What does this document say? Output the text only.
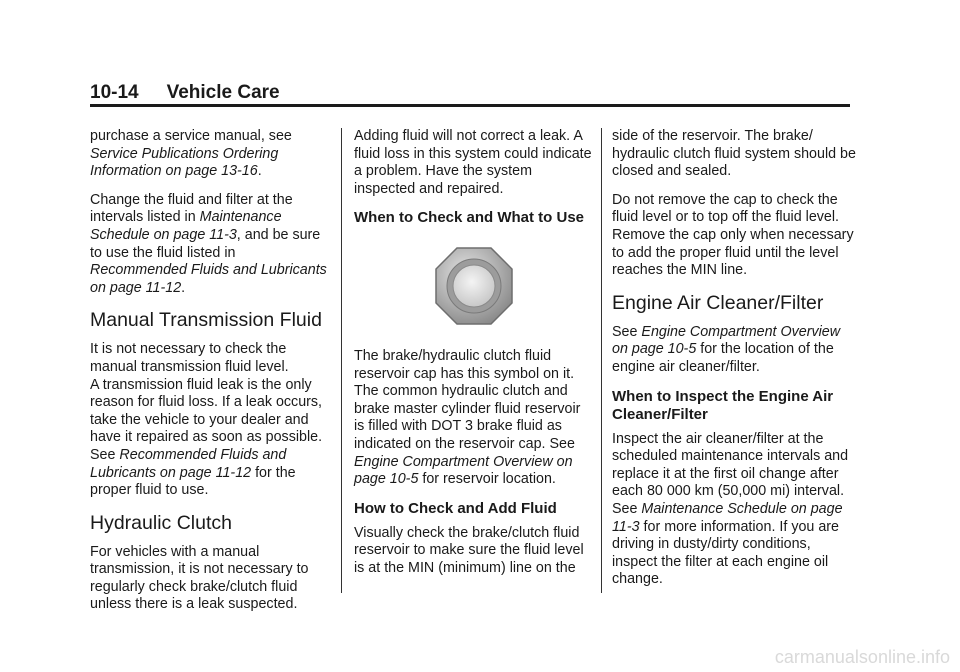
10-14 Vehicle Care

purchase a service manual, see Service Publications Ordering Information on page 13-16.

Change the fluid and filter at the intervals listed in Maintenance Schedule on page 11-3, and be sure to use the fluid listed in Recommended Fluids and Lubricants on page 11-12.

Manual Transmission Fluid

It is not necessary to check the manual transmission fluid level.
A transmission fluid leak is the only reason for fluid loss. If a leak occurs, take the vehicle to your dealer and have it repaired as soon as possible. See Recommended Fluids and Lubricants on page 11-12 for the proper fluid to use.

Hydraulic Clutch

For vehicles with a manual transmission, it is not necessary to regularly check brake/clutch fluid unless there is a leak suspected.

Adding fluid will not correct a leak. A fluid loss in this system could indicate a problem. Have the system inspected and repaired.

When to Check and What to Use

The brake/hydraulic clutch fluid reservoir cap has this symbol on it. The common hydraulic clutch and brake master cylinder fluid reservoir is filled with DOT 3 brake fluid as indicated on the reservoir cap. See Engine Compartment Overview on page 10-5 for reservoir location.

How to Check and Add Fluid

Visually check the brake/clutch fluid reservoir to make sure the fluid level is at the MIN (minimum) line on the

side of the reservoir. The brake/ hydraulic clutch fluid system should be closed and sealed.

Do not remove the cap to check the fluid level or to top off the fluid level. Remove the cap only when necessary to add the proper fluid until the level reaches the MIN line.

Engine Air Cleaner/Filter

See Engine Compartment Overview on page 10-5 for the location of the engine air cleaner/filter.

When to Inspect the Engine Air Cleaner/Filter

Inspect the air cleaner/filter at the scheduled maintenance intervals and replace it at the first oil change after each 80 000 km (50,000 mi) interval. See Maintenance Schedule on page 11-3 for more information. If you are driving in dusty/dirty conditions, inspect the filter at each engine oil change.

carmanualsonline.info
